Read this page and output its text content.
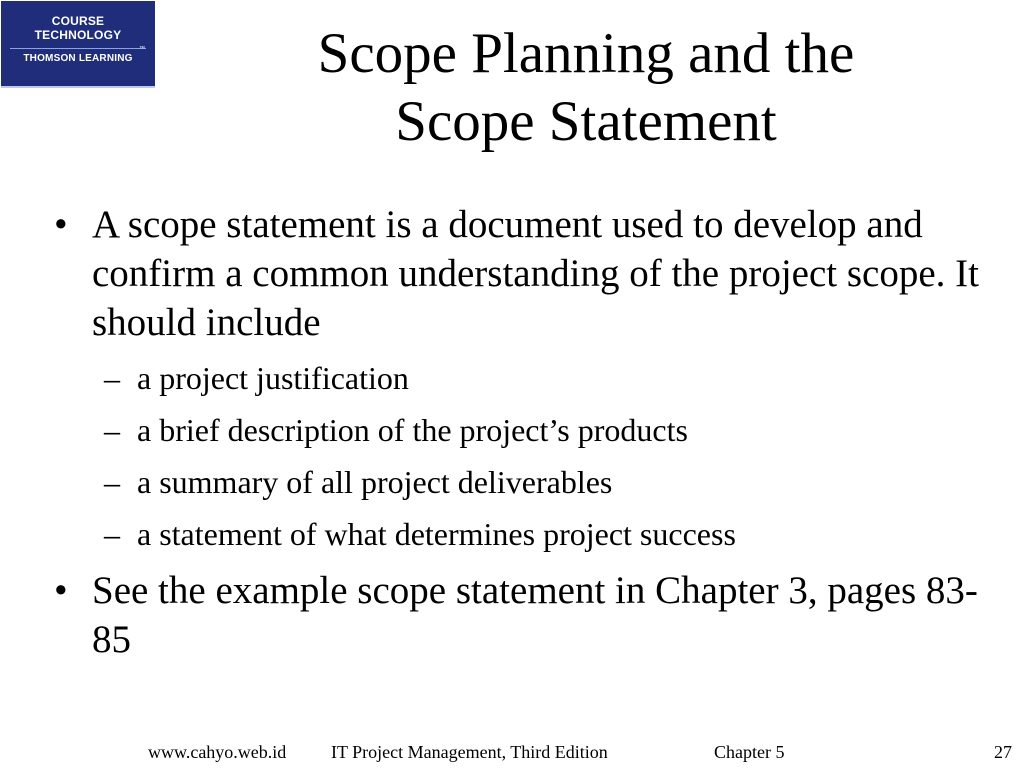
COURSE
TECHNOLOGY
™
THOMSON LEARNING	Scope Planning and the
Scope Statement
• A scope statement is a document used to develop and confirm a common understanding of the project scope. It should include
– a project justification
– a brief description of the project’s products
– a summary of all project deliverables
– a statement of what determines project success
• See the example scope statement in Chapter 3, pages 83-85
www.cahyo.web.id IT Project Management, Third Edition	Chapter 5	27
